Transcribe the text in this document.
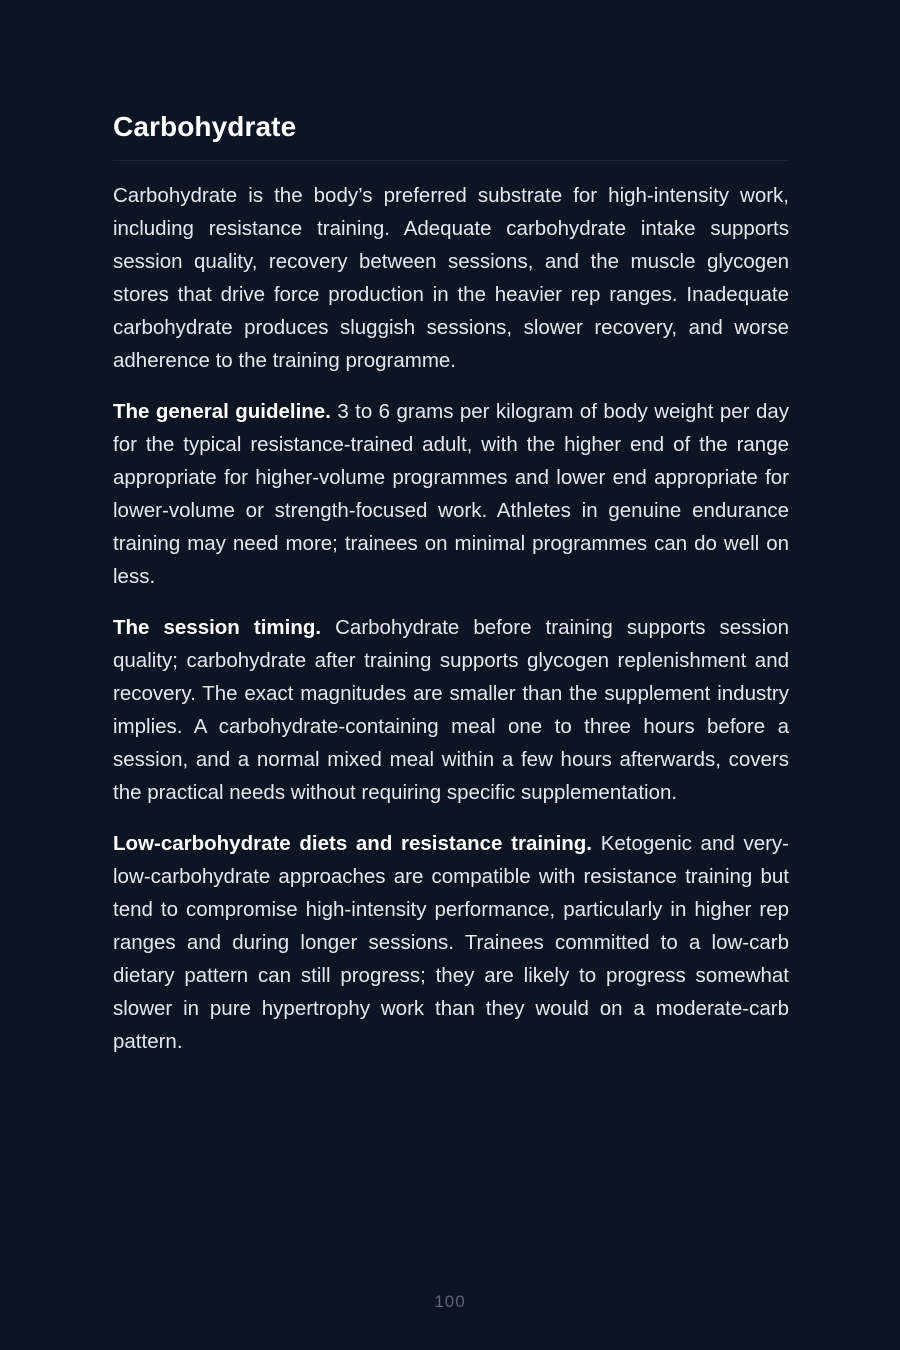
Carbohydrate

Carbohydrate is the body’s preferred substrate for high-intensity work, including resistance training. Adequate carbohydrate intake supports session quality, recovery between sessions, and the muscle glycogen stores that drive force production in the heavier rep ranges. Inadequate carbohydrate produces sluggish sessions, slower recovery, and worse adherence to the training programme.

The general guideline. 3 to 6 grams per kilogram of body weight per day for the typical resistance-trained adult, with the higher end of the range appropriate for higher-volume programmes and lower end appropriate for lower-volume or strength-focused work. Athletes in genuine endurance training may need more; trainees on minimal programmes can do well on less.

The session timing. Carbohydrate before training supports session quality; carbohydrate after training supports glycogen replenishment and recovery. The exact magnitudes are smaller than the supplement industry implies. A carbohydrate-containing meal one to three hours before a session, and a normal mixed meal within a few hours afterwards, covers the practical needs without requiring specific supplementation.

Low-carbohydrate diets and resistance training. Ketogenic and very-low-carbohydrate approaches are compatible with resistance training but tend to compromise high-intensity performance, particularly in higher rep ranges and during longer sessions. Trainees committed to a low-carb dietary pattern can still progress; they are likely to progress somewhat slower in pure hypertrophy work than they would on a moderate-carb pattern.

100
